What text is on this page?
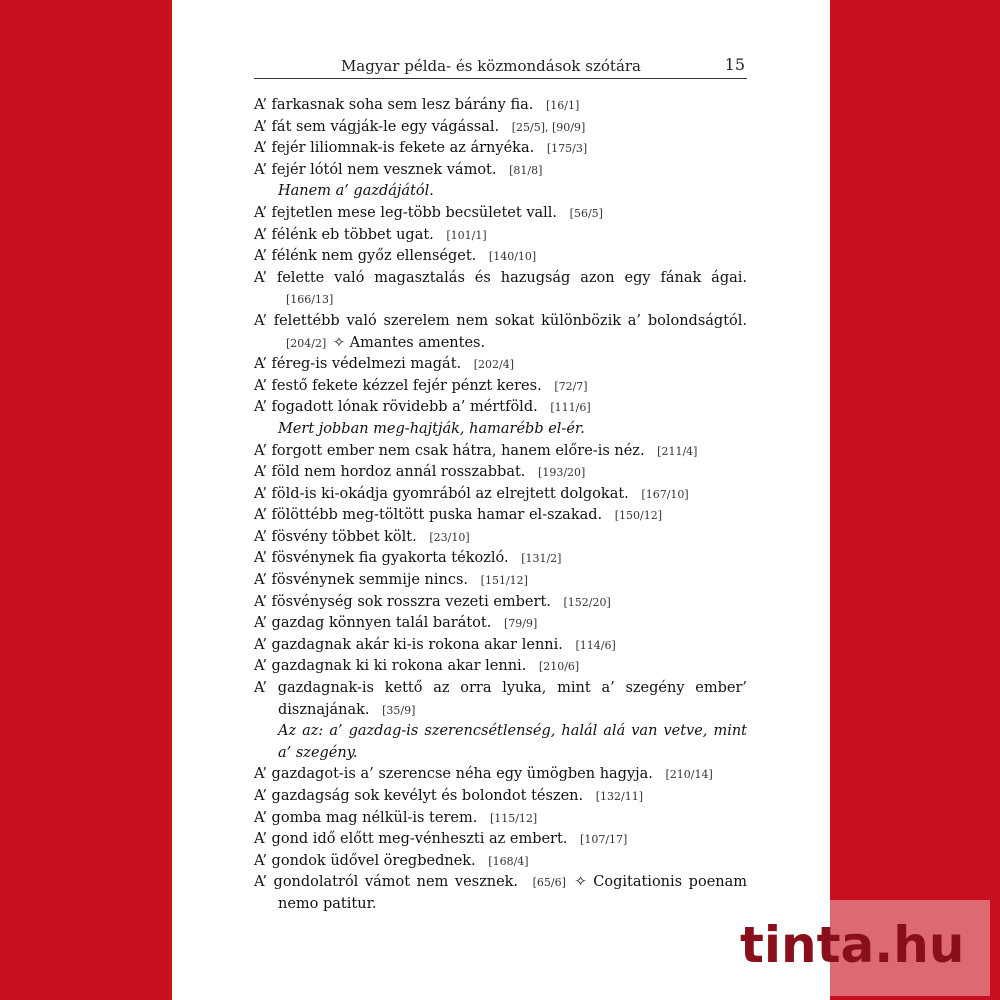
Magyar példa- és közmondások szótára	15
A’ farkasnak soha sem lesz bárány fia. [16/1]
A’ fát sem vágják-le egy vágással. [25/5], [90/9]
A’ fejér liliomnak-is fekete az árnyéka. [175/3]
A’ fejér lótól nem vesznek vámot. [81/8]
Hanem a’ gazdájától.
A’ fejtetlen mese leg-több becsületet vall. [56/5]
A’ félénk eb többet ugat. [101/1]
A’ félénk nem győz ellenséget. [140/10]
A’ felette való magasztalás és hazugság azon egy fának ágai. [166/13]
A’ felettébb való szerelem nem sokat különbözik a’ bolondságtól. [204/2] ✧ Amantes amentes.
A’ féreg-is védelmezi magát. [202/4]
A’ festő fekete kézzel fejér pénzt keres. [72/7]
A’ fogadott lónak rövidebb a’ mértföld. [111/6]
Mert jobban meg-hajtják, hamarébb el-ér.
A’ forgott ember nem csak hátra, hanem előre-is néz. [211/4]
A’ föld nem hordoz annál rosszabbat. [193/20]
A’ föld-is ki-okádja gyomrából az elrejtett dolgokat. [167/10]
A’ fölöttébb meg-töltött puska hamar el-szakad. [150/12]
A’ fösvény többet költ. [23/10]
A’ fösvénynek fia gyakorta tékozló. [131/2]
A’ fösvénynek semmije nincs. [151/12]
A’ fösvénység sok rosszra vezeti embert. [152/20]
A’ gazdag könnyen talál barátot. [79/9]
A’ gazdagnak akár ki-is rokona akar lenni. [114/6]
A’ gazdagnak ki ki rokona akar lenni. [210/6]
A’ gazdagnak-is kettő az orra lyuka, mint a’ szegény ember’ disznajának. [35/9]
Az az: a’ gazdag-is szerencsétlenség, halál alá van vetve, mint a’ szegény.
A’ gazdagot-is a’ szerencse néha egy ümögben hagyja. [210/14]
A’ gazdagság sok kevélyt és bolondot tészen. [132/11]
A’ gomba mag nélkül-is terem. [115/12]
A’ gond idő előtt meg-vénheszti az embert. [107/17]
A’ gondok üdővel öregbednek. [168/4]
A’ gondolatról vámot nem vesznek. [65/6] ✧ Cogitationis poenam nemo patitur.
tinta.hu
